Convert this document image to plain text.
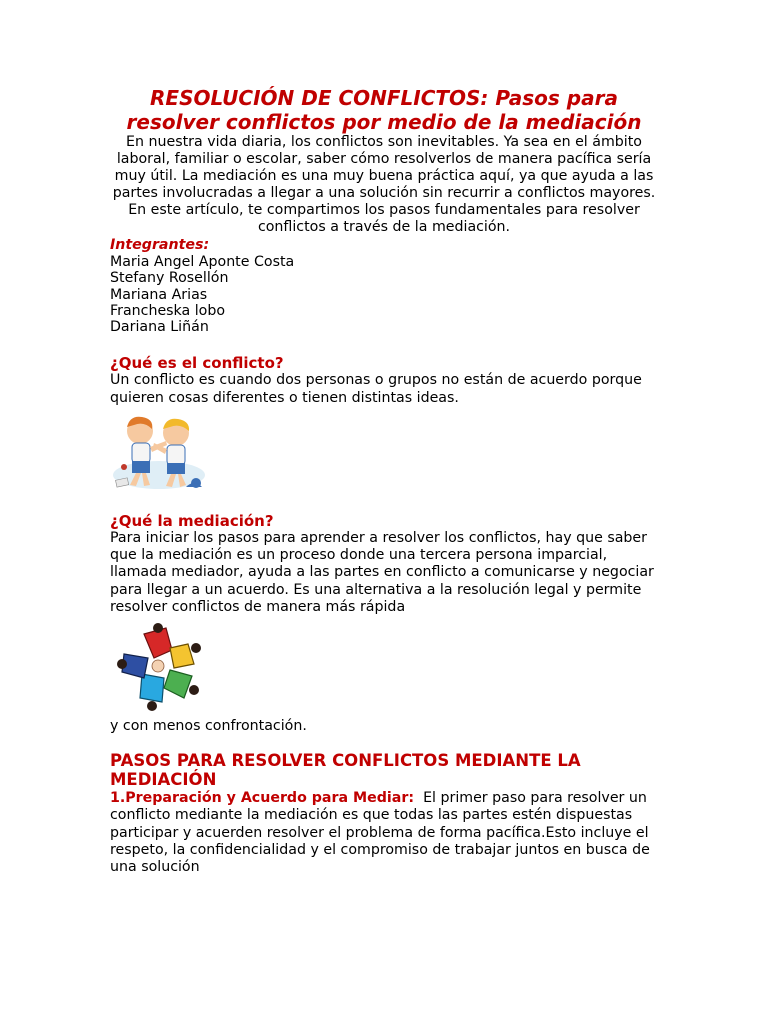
RESOLUCIÓN DE CONFLICTOS: Pasos para resolver conflictos por medio de la mediación

En nuestra vida diaria, los conflictos son inevitables. Ya sea en el ámbito laboral, familiar o escolar, saber cómo resolverlos de manera pacífica sería muy útil. La mediación es una muy buena práctica aquí, ya que ayuda a las partes involucradas a llegar a una solución sin recurrir a conflictos mayores. En este artículo, te compartimos los pasos fundamentales para resolver conflictos a través de la mediación.

Integrantes:

Maria Angel Aponte Costa

Stefany Rosellón

Mariana Arias

Francheska lobo

Dariana Liñán

¿Qué es el conflicto?

Un conflicto es cuando dos personas o grupos no están de acuerdo porque quieren cosas diferentes o tienen distintas ideas.

¿Qué la mediación?

Para iniciar los pasos para aprender a resolver los conflictos, hay que saber que la mediación es un proceso donde una tercera persona imparcial, llamada mediador, ayuda a las partes en conflicto a comunicarse y negociar para llegar a un acuerdo. Es una alternativa a la resolución legal y permite resolver conflictos de manera más rápida

y con menos confrontación.

PASOS PARA RESOLVER CONFLICTOS MEDIANTE LA MEDIACIÓN

1.Preparación y Acuerdo para Mediar: El primer paso para resolver un conflicto mediante la mediación es que todas las partes estén dispuestas participar y acuerden resolver el problema de forma pacífica.Esto incluye el respeto, la confidencialidad y el compromiso de trabajar juntos en busca de una solución
